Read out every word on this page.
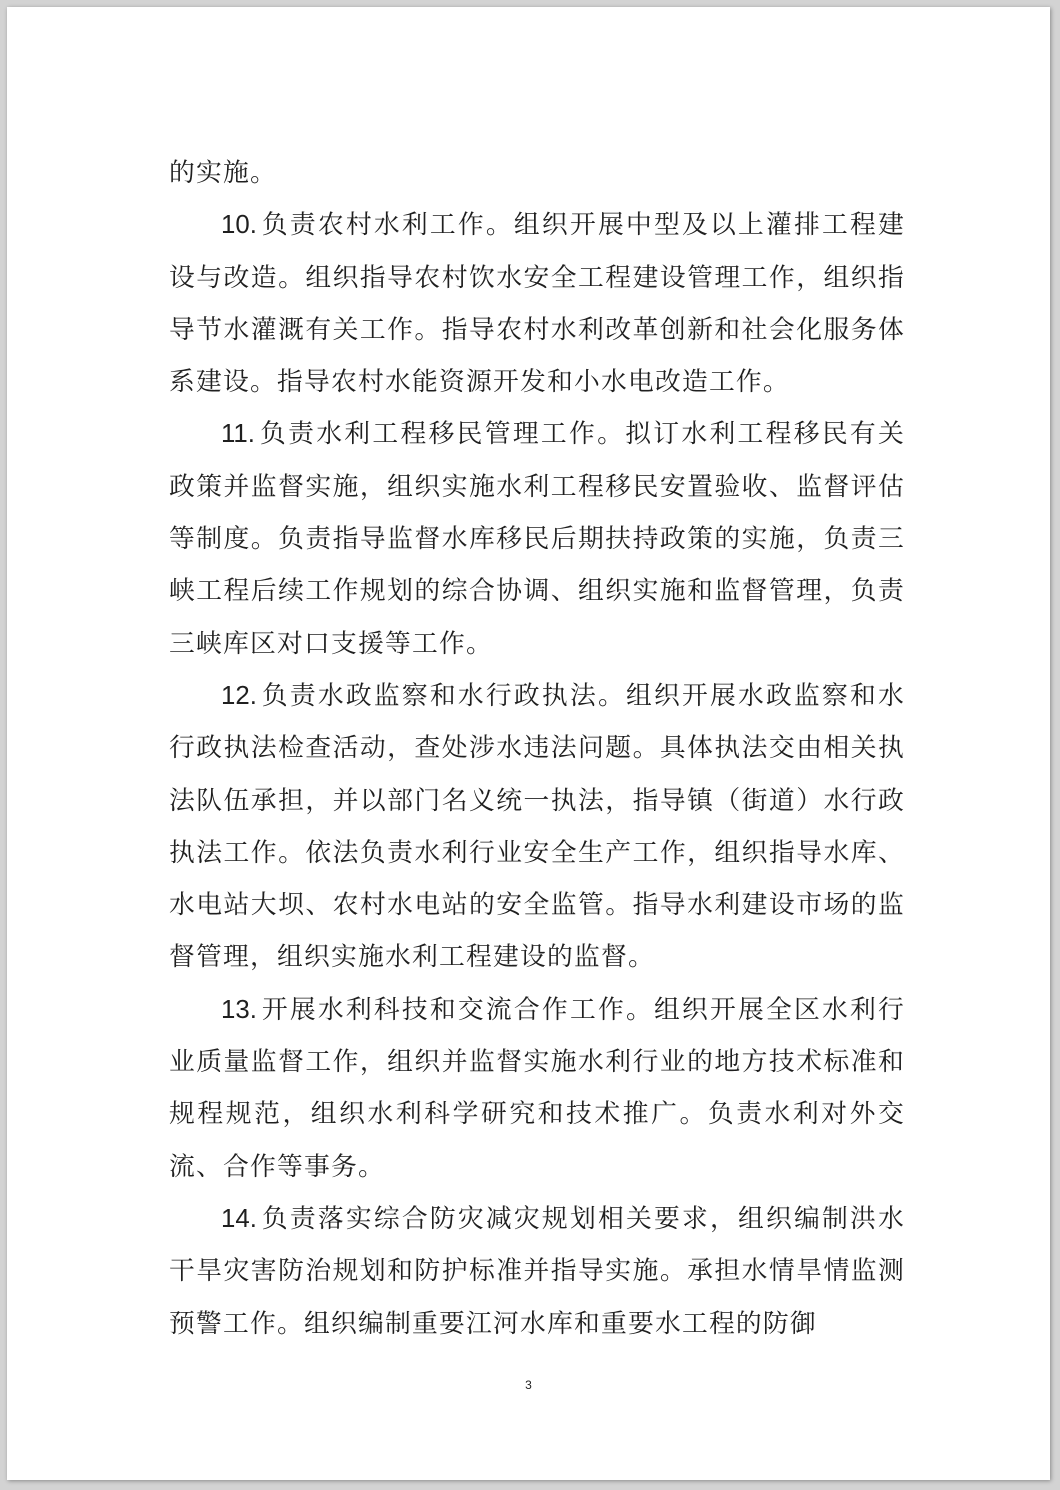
的实施。

10. 负责农村水利工作。组织开展中型及以上灌排工程建设与改造。组织指导农村饮水安全工程建设管理工作，组织指导节水灌溉有关工作。指导农村水利改革创新和社会化服务体系建设。指导农村水能资源开发和小水电改造工作。

11. 负责水利工程移民管理工作。拟订水利工程移民有关政策并监督实施，组织实施水利工程移民安置验收、监督评估等制度。负责指导监督水库移民后期扶持政策的实施，负责三峡工程后续工作规划的综合协调、组织实施和监督管理，负责三峡库区对口支援等工作。

12. 负责水政监察和水行政执法。组织开展水政监察和水行政执法检查活动，查处涉水违法问题。具体执法交由相关执法队伍承担，并以部门名义统一执法，指导镇（街道）水行政执法工作。依法负责水利行业安全生产工作，组织指导水库、水电站大坝、农村水电站的安全监管。指导水利建设市场的监督管理，组织实施水利工程建设的监督。

13. 开展水利科技和交流合作工作。组织开展全区水利行业质量监督工作，组织并监督实施水利行业的地方技术标准和规程规范，组织水利科学研究和技术推广。负责水利对外交流、合作等事务。

14. 负责落实综合防灾减灾规划相关要求，组织编制洪水干旱灾害防治规划和防护标准并指导实施。承担水情旱情监测预警工作。组织编制重要江河水库和重要水工程的防御

3
